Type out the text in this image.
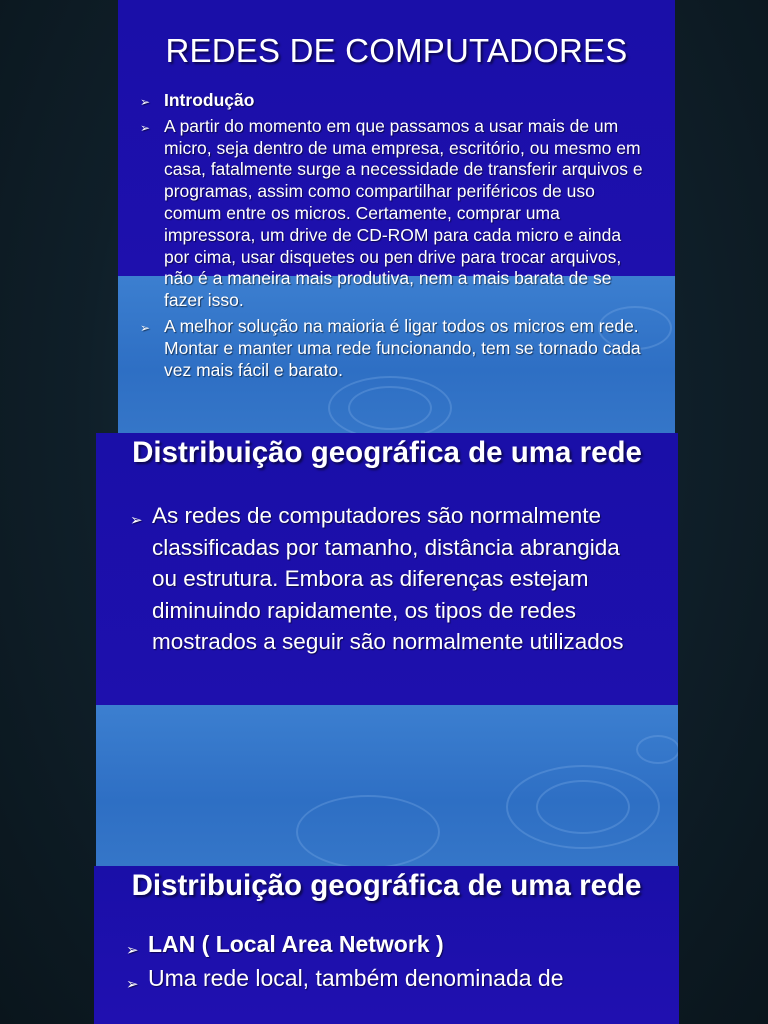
REDES DE COMPUTADORES
➢ Introdução
➢ A partir do momento em que passamos a usar mais de um micro, seja dentro de uma empresa, escritório, ou mesmo em casa, fatalmente surge a necessidade de transferir arquivos e programas, assim como compartilhar periféricos de uso comum entre os micros. Certamente, comprar uma impressora, um drive de CD-ROM para cada micro e ainda por cima, usar disquetes ou pen drive para trocar arquivos, não é a maneira mais produtiva, nem a mais barata de se fazer isso.
➢ A melhor solução na maioria é ligar todos os micros em rede. Montar e manter uma rede funcionando, tem se tornado cada vez mais fácil e barato.
Distribuição geográfica de uma rede
➢ As redes de computadores são normalmente classificadas por tamanho, distância abrangida ou estrutura. Embora as diferenças estejam diminuindo rapidamente, os tipos de redes mostrados a seguir são normalmente utilizados
Distribuição geográfica de uma rede
➢ LAN ( Local Area Network )
➢ Uma rede local, também denominada de
